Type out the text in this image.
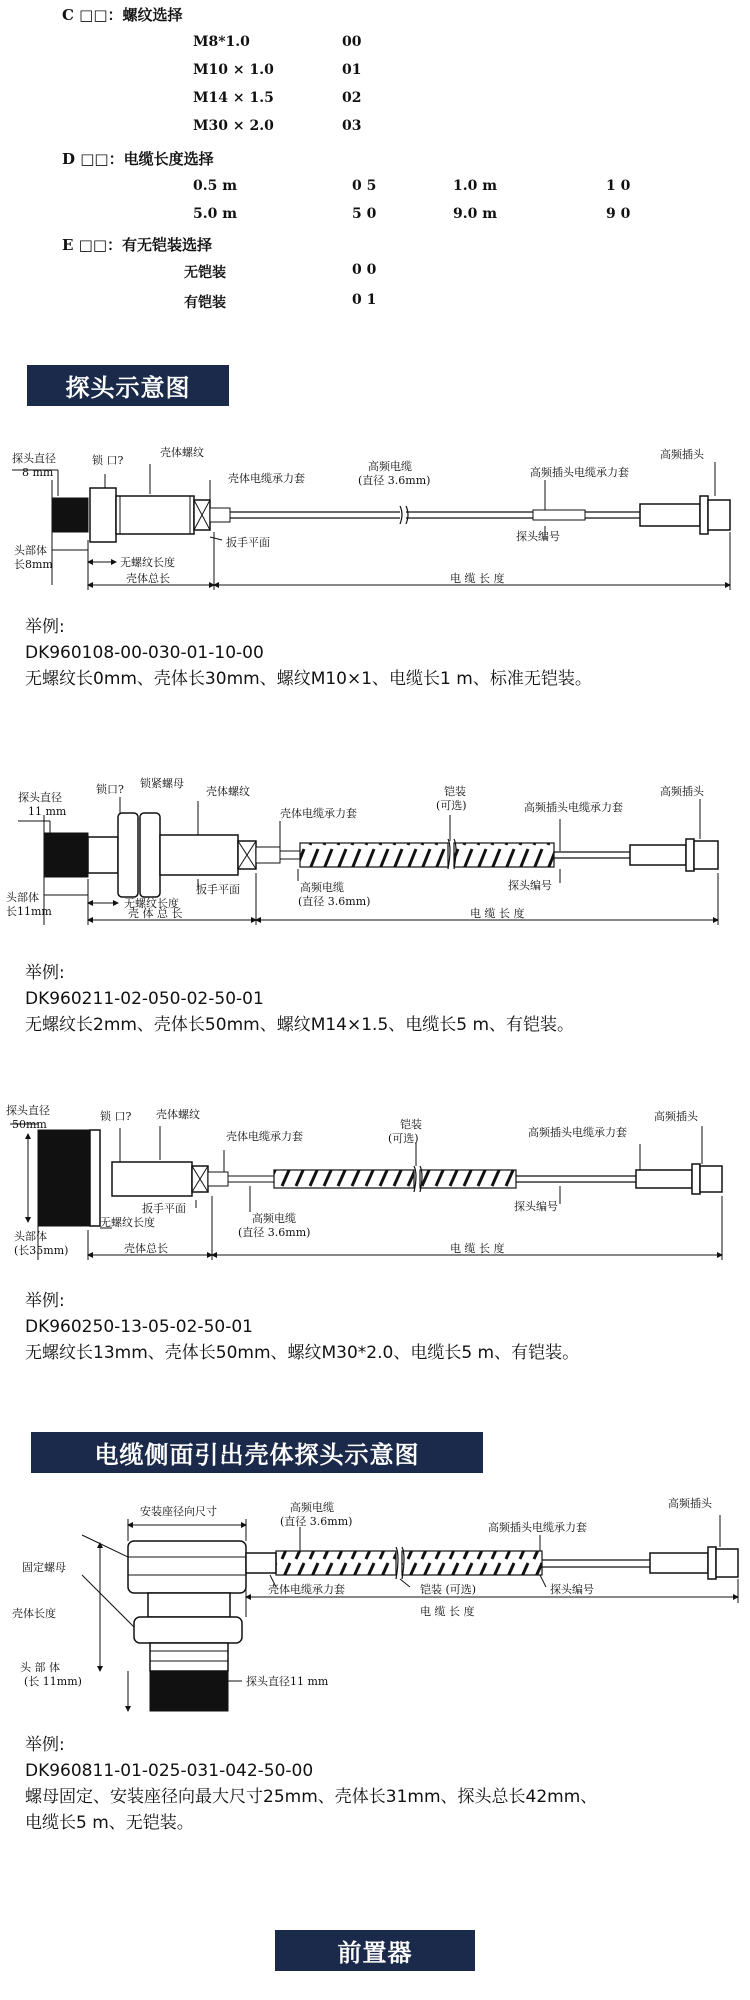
C □□：螺纹选择
M8*1.0	00
M10 × 1.0	01
M14 × 1.5	02
M30 × 2.0	03
D □□：电缆长度选择
0.5 m	0 5	1.0 m	1 0
5.0 m	5 0	9.0 m	9 0
E □□：有无铠装选择
无铠装	0 0
有铠装	0 1
探头示意图
探头直径
8 mm
锁 口?
壳体螺纹
壳体电缆承力套
高频电缆
(直径 3.6mm)
高频插头电缆承力套
高频插头
探头编号
扳手平面
头部体
长8mm	无螺纹长度
壳体总长	电 缆 长 度
举例:
DK960108-00-030-01-10-00
无螺纹长0mm、壳体长30mm、螺纹M10×1、电缆长1 m、标准无铠装。
探头直径
11 mm
锁口? 锁紧螺母
壳体螺纹
壳体电缆承力套
铠装
(可选)	高频插头电缆承力套
高频插头
高频电缆
(直径 3.6mm)
探头编号
扳手平面
头部体
长11mm
无螺纹长度
壳 体 总 长	电 缆 长 度
举例:
DK960211-02-050-02-50-01
无螺纹长2mm、壳体长50mm、螺纹M14×1.5、电缆长5 m、有铠装。
探头直径
50mm
锁 口? 壳体螺纹
壳体电缆承力套
铠装
(可选)	高频插头电缆承力套
高频插头
高频电缆
(直径 3.6mm)
探头编号
扳手平面
无螺纹长度
头部体
(长35mm)	壳体总长	电 缆 长 度
举例:
DK960250-13-05-02-50-01
无螺纹长13mm、壳体长50mm、螺纹M30*2.0、电缆长5 m、有铠装。
电缆侧面引出壳体探头示意图
安装座径向尺寸	高频电缆
(直径 3.6mm)
高频插头
高频插头电缆承力套
固定螺母
壳体长度
壳体电缆承力套	铠装 (可选)	探头编号
电 缆 长 度
头 部 体
(长 11mm)	探头直径11 mm
举例:
DK960811-01-025-031-042-50-00
螺母固定、安装座径向最大尺寸25mm、壳体长31mm、探头总长42mm、
电缆长5 m、无铠装。
前置器
